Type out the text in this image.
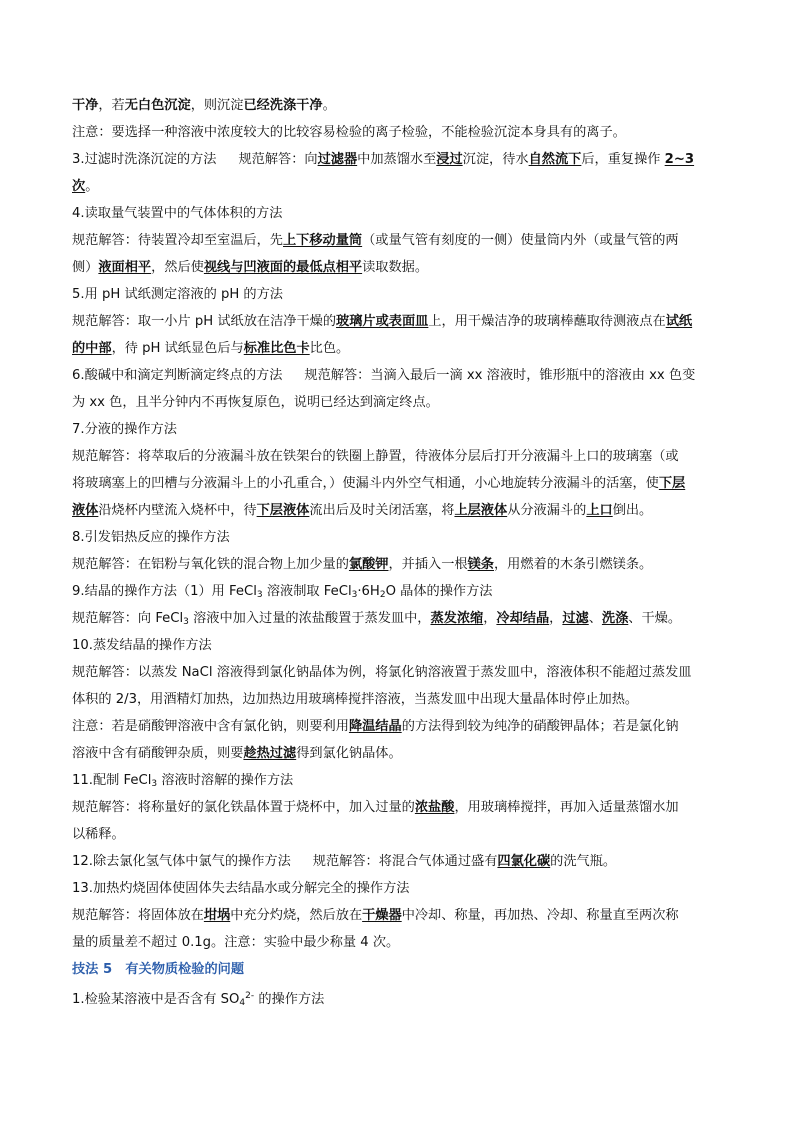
干净，若无白色沉淀，则沉淀已经洗涤干净。
注意：要选择一种溶液中浓度较大的比较容易检验的离子检验，不能检验沉淀本身具有的离子。
3.过滤时洗涤沉淀的方法 规范解答：向过滤器中加蒸馏水至浸过沉淀，待水自然流下后，重复操作 2~3
次。
4.读取量气装置中的气体体积的方法
规范解答：待装置冷却至室温后，先上下移动量筒（或量气管有刻度的一侧）使量筒内外（或量气管的两
侧）液面相平，然后使视线与凹液面的最低点相平读取数据。
5.用 pH 试纸测定溶液的 pH 的方法
规范解答：取一小片 pH 试纸放在洁净干燥的玻璃片或表面皿上，用干燥洁净的玻璃棒蘸取待测液点在试纸
的中部，待 pH 试纸显色后与标准比色卡比色。
6.酸碱中和滴定判断滴定终点的方法 规范解答：当滴入最后一滴 xx 溶液时，锥形瓶中的溶液由 xx 色变
为 xx 色，且半分钟内不再恢复原色，说明已经达到滴定终点。
7.分液的操作方法
规范解答：将萃取后的分液漏斗放在铁架台的铁圈上静置，待液体分层后打开分液漏斗上口的玻璃塞（或
将玻璃塞上的凹槽与分液漏斗上的小孔重合，）使漏斗内外空气相通，小心地旋转分液漏斗的活塞，使下层
液体沿烧杯内壁流入烧杯中，待下层液体流出后及时关闭活塞，将上层液体从分液漏斗的上口倒出。
8.引发铝热反应的操作方法
规范解答：在铝粉与氧化铁的混合物上加少量的氯酸钾，并插入一根镁条，用燃着的木条引燃镁条。
9.结晶的操作方法（1）用 FeCl$_3$ 溶液制取 $FeCl_3\cdot 6H_2O$ 晶体的操作方法
规范解答：向 FeCl$_3$ 溶液中加入过量的浓盐酸置于蒸发皿中，蒸发浓缩，冷却结晶，过滤、洗涤、干燥。
10.蒸发结晶的操作方法
规范解答：以蒸发 NaCl 溶液得到氯化钠晶体为例，将氯化钠溶液置于蒸发皿中，溶液体积不能超过蒸发皿
体积的 2/3，用酒精灯加热，边加热边用玻璃棒搅拌溶液，当蒸发皿中出现大量晶体时停止加热。
注意：若是硝酸钾溶液中含有氯化钠，则要利用降温结晶的方法得到较为纯净的硝酸钾晶体；若是氯化钠
溶液中含有硝酸钾杂质，则要趁热过滤得到氯化钠晶体。
11.配制 FeCl$_3$ 溶液时溶解的操作方法
规范解答：将称量好的氯化铁晶体置于烧杯中，加入过量的浓盐酸，用玻璃棒搅拌，再加入适量蒸馏水加
以稀释。
12.除去氯化氢气体中氯气的操作方法 规范解答：将混合气体通过盛有四氯化碳的洗气瓶。
13.加热灼烧固体使固体失去结晶水或分解完全的操作方法
规范解答：将固体放在坩埚中充分灼烧，然后放在干燥器中冷却、称量，再加热、冷却、称量直至两次称
量的质量差不超过 0.1g。注意：实验中最少称量 4 次。
技法 5　有关物质检验的问题
1.检验某溶液中是否含有 $SO_4^{2-}$ 的操作方法
